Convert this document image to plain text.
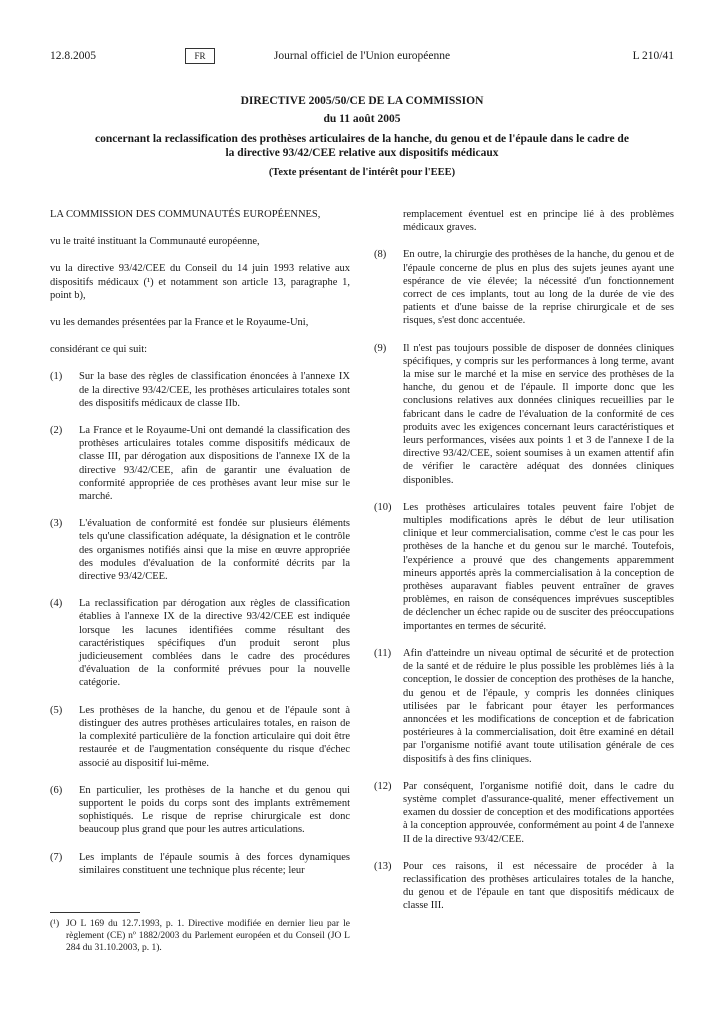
12.8.2005	FR	Journal officiel de l'Union européenne	L 210/41
DIRECTIVE 2005/50/CE DE LA COMMISSION
du 11 août 2005
concernant la reclassification des prothèses articulaires de la hanche, du genou et de l'épaule dans le cadre de la directive 93/42/CEE relative aux dispositifs médicaux
(Texte présentant de l'intérêt pour l'EEE)

LA COMMISSION DES COMMUNAUTÉS EUROPÉENNES,

vu le traité instituant la Communauté européenne,

vu la directive 93/42/CEE du Conseil du 14 juin 1993 relative aux dispositifs médicaux (¹) et notamment son article 13, paragraphe 1, point b),

vu les demandes présentées par la France et le Royaume-Uni,

considérant ce qui suit:

(1) Sur la base des règles de classification énoncées à l'annexe IX de la directive 93/42/CEE, les prothèses articulaires totales sont des dispositifs médicaux de classe IIb.
(2) La France et le Royaume-Uni ont demandé la classification des prothèses articulaires totales comme dispositifs médicaux de classe III, par dérogation aux dispositions de l'annexe IX de la directive 93/42/CEE, afin de garantir une évaluation de conformité appropriée de ces prothèses avant leur mise sur le marché.
(3) L'évaluation de conformité est fondée sur plusieurs éléments tels qu'une classification adéquate, la désignation et le contrôle des organismes notifiés ainsi que la mise en œuvre appropriée des modules d'évaluation de la conformité décrits par la directive 93/42/CEE.
(4) La reclassification par dérogation aux règles de classification établies à l'annexe IX de la directive 93/42/CEE est indiquée lorsque les lacunes identifiées comme résultant des caractéristiques spécifiques d'un produit seront plus judicieusement comblées dans le cadre des procédures d'évaluation de la conformité prévues pour la nouvelle catégorie.
(5) Les prothèses de la hanche, du genou et de l'épaule sont à distinguer des autres prothèses articulaires totales, en raison de la complexité particulière de la fonction articulaire qui doit être restaurée et de l'augmentation conséquente du risque d'échec associé au dispositif lui-même.
(6) En particulier, les prothèses de la hanche et du genou qui supportent le poids du corps sont des implants extrêmement sophistiqués. Le risque de reprise chirurgicale est donc beaucoup plus grand que pour les autres articulations.
(7) Les implants de l'épaule soumis à des forces dynamiques similaires constituent une technique plus récente; leur

remplacement éventuel est en principe lié à des problèmes médicaux graves.

(8) En outre, la chirurgie des prothèses de la hanche, du genou et de l'épaule concerne de plus en plus des sujets jeunes ayant une espérance de vie élevée; la nécessité d'un fonctionnement correct de ces implants, tout au long de la durée de vie des patients et d'une baisse de la reprise chirurgicale et de ses risques, s'est donc accentuée.
(9) Il n'est pas toujours possible de disposer de données cliniques spécifiques, y compris sur les performances à long terme, avant la mise sur le marché et la mise en service des prothèses de la hanche, du genou et de l'épaule. Il importe donc que les conclusions relatives aux données cliniques recueillies par le fabricant dans le cadre de l'évaluation de la conformité de ces produits avec les exigences concernant leurs caractéristiques et leurs performances, visées aux points 1 et 3 de l'annexe I de la directive 93/42/CEE, soient soumises à un examen attentif afin de vérifier le caractère adéquat des données cliniques disponibles.
(10) Les prothèses articulaires totales peuvent faire l'objet de multiples modifications après le début de leur utilisation clinique et leur commercialisation, comme c'est le cas pour les prothèses de la hanche et du genou sur le marché. Toutefois, l'expérience a prouvé que des changements apparemment mineurs apportés après la commercialisation à la conception de prothèses auparavant fiables peuvent entraîner de graves problèmes, en raison de conséquences imprévues susceptibles de déclencher un échec rapide ou de susciter des préoccupations importantes en termes de sécurité.
(11) Afin d'atteindre un niveau optimal de sécurité et de protection de la santé et de réduire le plus possible les problèmes liés à la conception, le dossier de conception des prothèses de la hanche, du genou et de l'épaule, y compris les données cliniques utilisées par le fabricant pour étayer les performances annoncées et les modifications de conception et de fabrication postérieures à la commercialisation, doit être examiné en détail par l'organisme notifié avant toute utilisation générale de ces dispositifs à des fins cliniques.
(12) Par conséquent, l'organisme notifié doit, dans le cadre du système complet d'assurance-qualité, mener effectivement un examen du dossier de conception et des modifications apportées à la conception approuvée, conformément au point 4 de l'annexe II de la directive 93/42/CEE.
(13) Pour ces raisons, il est nécessaire de procéder à la reclassification des prothèses articulaires totales de la hanche, du genou et de l'épaule en tant que dispositifs médicaux de classe III.
(¹) JO L 169 du 12.7.1993, p. 1. Directive modifiée en dernier lieu par le règlement (CE) nº 1882/2003 du Parlement européen et du Conseil (JO L 284 du 31.10.2003, p. 1).
